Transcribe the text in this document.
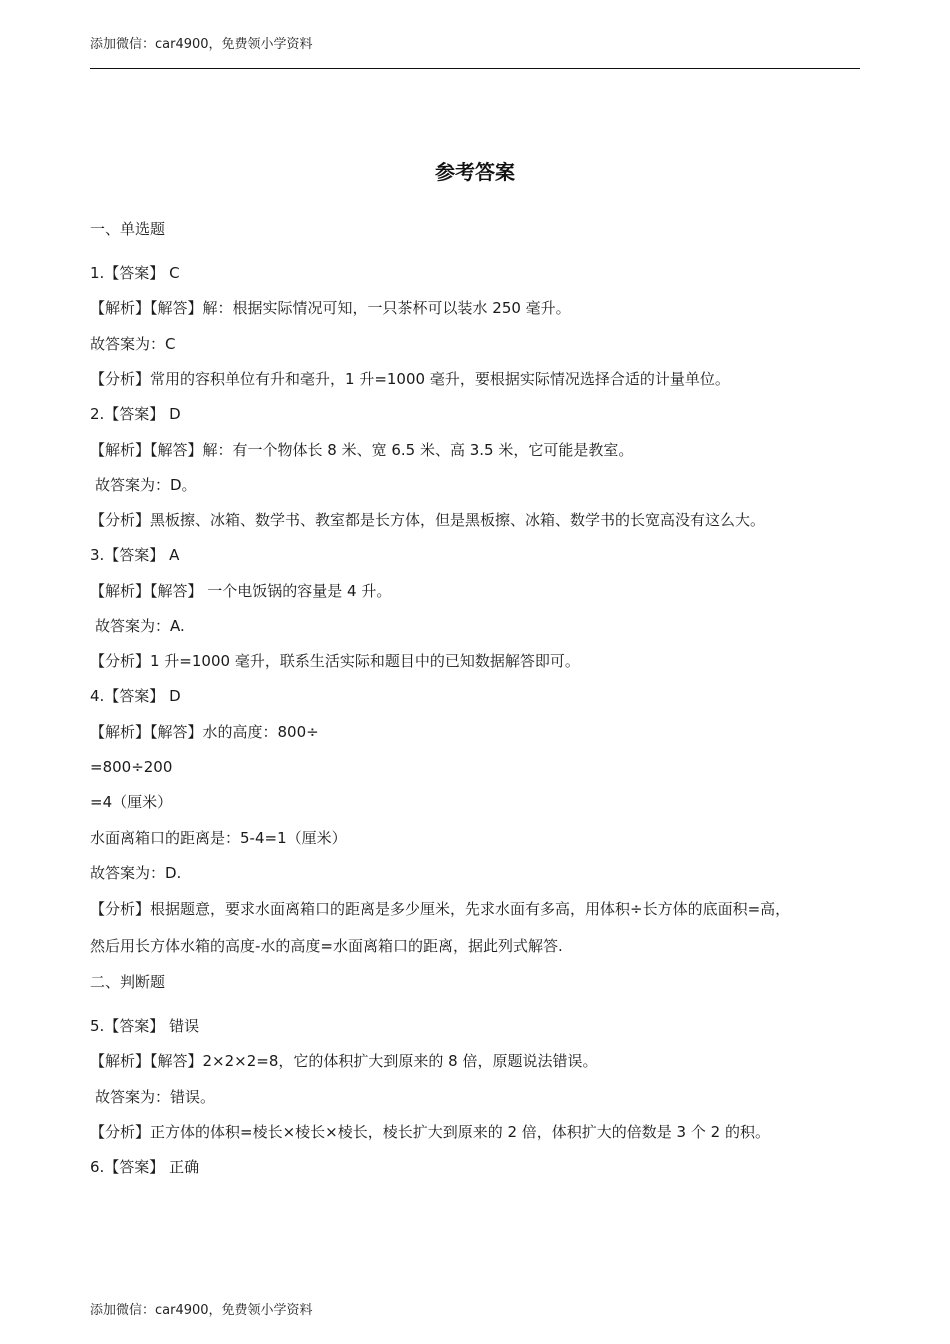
添加微信：car4900，免费领小学资料
参考答案
一、单选题
1.【答案】 C
【解析】【解答】解：根据实际情况可知，一只茶杯可以装水 250 毫升。
故答案为：C
【分析】常用的容积单位有升和毫升，1 升=1000 毫升，要根据实际情况选择合适的计量单位。
2.【答案】 D
【解析】【解答】解：有一个物体长 8 米、宽 6.5 米、高 3.5 米，它可能是教室。
故答案为：D。
【分析】黑板擦、冰箱、数学书、教室都是长方体，但是黑板擦、冰箱、数学书的长宽高没有这么大。
3.【答案】 A
【解析】【解答】 一个电饭锅的容量是 4 升。
故答案为：A.
【分析】1 升=1000 毫升，联系生活实际和题目中的已知数据解答即可。
4.【答案】 D
【解析】【解答】水的高度：800÷
=800÷200
=4（厘米）
水面离箱口的距离是：5-4=1（厘米）
故答案为：D.
【分析】根据题意，要求水面离箱口的距离是多少厘米，先求水面有多高，用体积÷长方体的底面积=高，
然后用长方体水箱的高度-水的高度=水面离箱口的距离，据此列式解答.
二、判断题
5.【答案】 错误
【解析】【解答】2×2×2=8，它的体积扩大到原来的 8 倍，原题说法错误。
故答案为：错误。
【分析】正方体的体积=棱长×棱长×棱长，棱长扩大到原来的 2 倍，体积扩大的倍数是 3 个 2 的积。
6.【答案】 正确
添加微信：car4900，免费领小学资料
